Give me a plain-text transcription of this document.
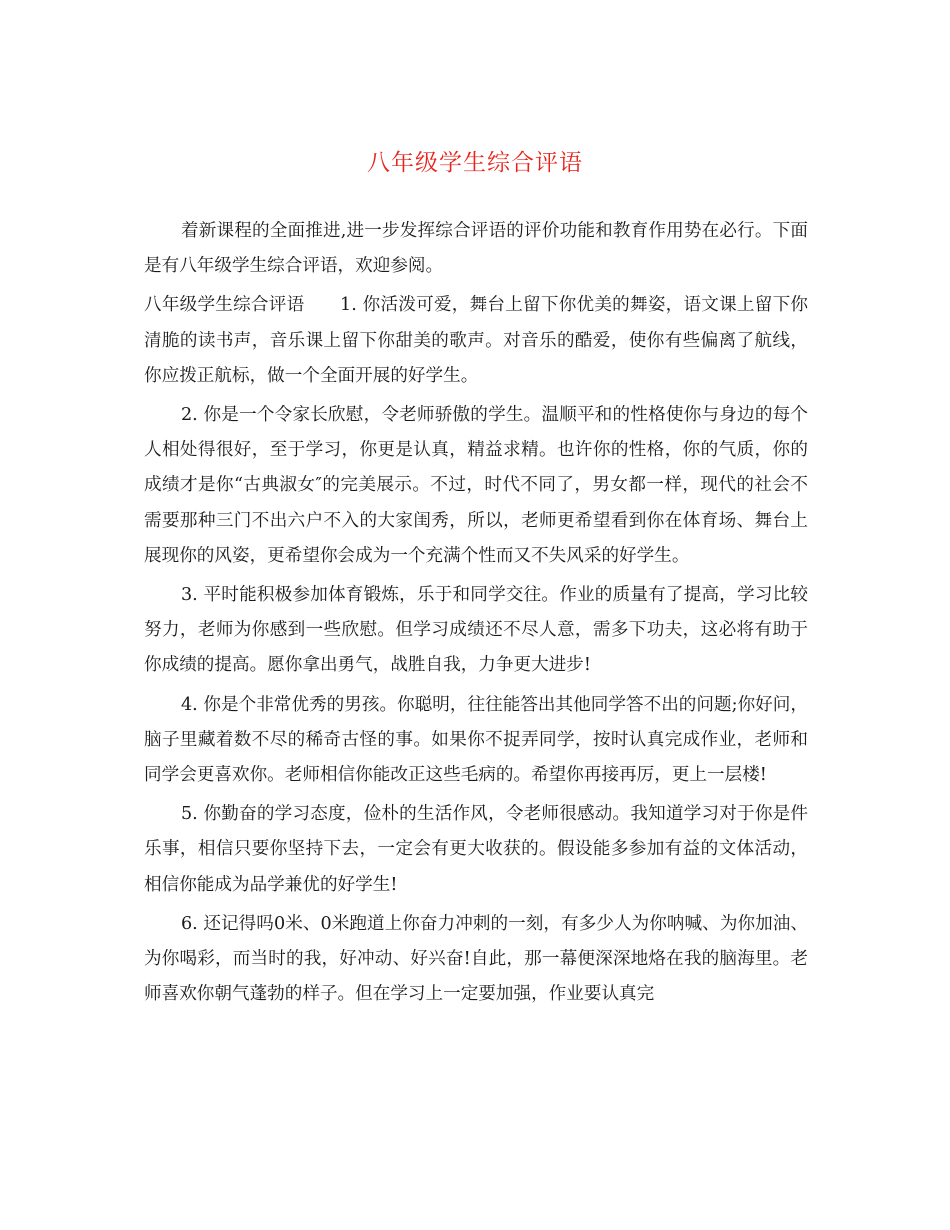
八年级学生综合评语

着新课程的全面推进,进一步发挥综合评语的评价功能和教育作用势在必行。下面是有八年级学生综合评语，欢迎参阅。

八年级学生综合评语　　1. 你活泼可爱，舞台上留下你优美的舞姿，语文课上留下你清脆的读书声，音乐课上留下你甜美的歌声。对音乐的酷爱，使你有些偏离了航线，你应拨正航标，做一个全面开展的好学生。

2. 你是一个令家长欣慰，令老师骄傲的学生。温顺平和的性格使你与身边的每个人相处得很好，至于学习，你更是认真，精益求精。也许你的性格，你的气质，你的成绩才是你“古典淑女″的完美展示。不过，时代不同了，男女都一样，现代的社会不需要那种三门不出六户不入的大家闺秀，所以，老师更希望看到你在体育场、舞台上展现你的风姿，更希望你会成为一个充满个性而又不失风采的好学生。

3. 平时能积极参加体育锻炼，乐于和同学交往。作业的质量有了提高，学习比较努力，老师为你感到一些欣慰。但学习成绩还不尽人意，需多下功夫，这必将有助于你成绩的提高。愿你拿出勇气，战胜自我，力争更大进步!

4. 你是个非常优秀的男孩。你聪明，往往能答出其他同学答不出的问题;你好问，脑子里藏着数不尽的稀奇古怪的事。如果你不捉弄同学，按时认真完成作业，老师和同学会更喜欢你。老师相信你能改正这些毛病的。希望你再接再厉，更上一层楼!

5. 你勤奋的学习态度，俭朴的生活作风，令老师很感动。我知道学习对于你是件乐事，相信只要你坚持下去，一定会有更大收获的。假设能多参加有益的文体活动，相信你能成为品学兼优的好学生!

6. 还记得吗0米、0米跑道上你奋力冲刺的一刻，有多少人为你呐喊、为你加油、为你喝彩，而当时的我，好冲动、好兴奋!自此，那一幕便深深地烙在我的脑海里。老师喜欢你朝气蓬勃的样子。但在学习上一定要加强，作业要认真完
